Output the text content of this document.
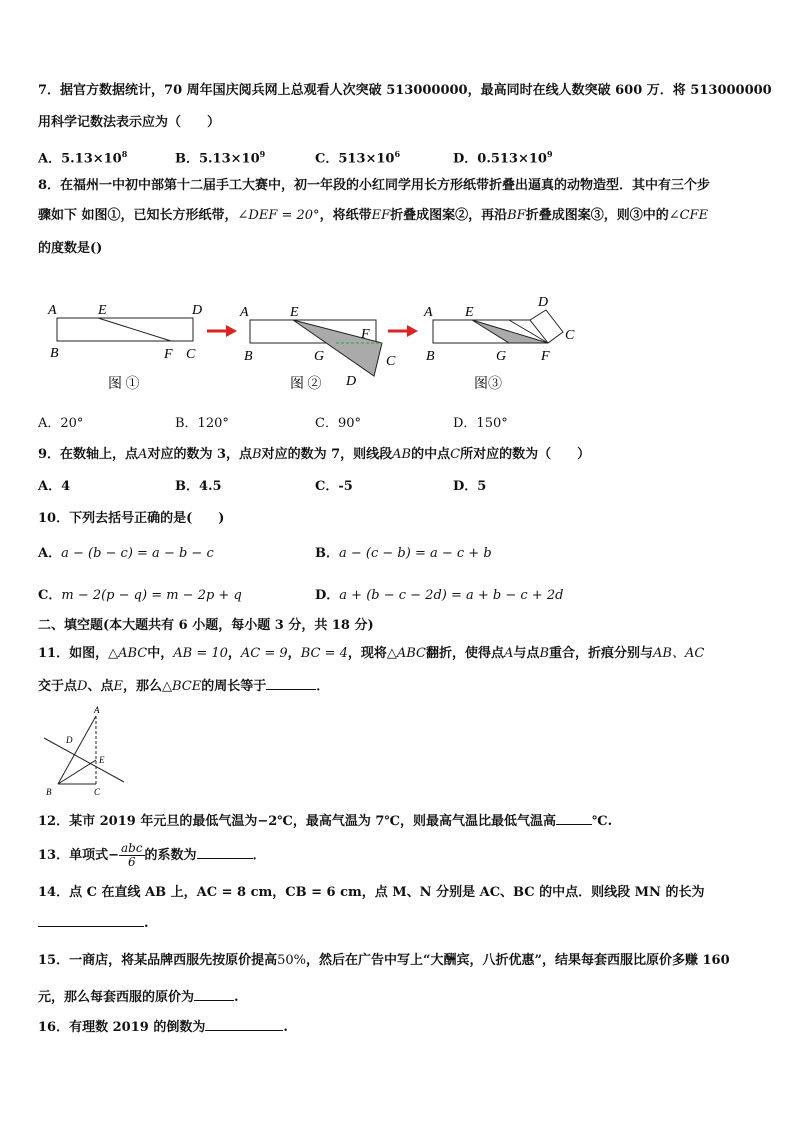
7．据官方数据统计，70 周年国庆阅兵网上总观看人次突破 513000000，最高同时在线人数突破 600 万．将 513000000
用科学记数法表示应为（　　）
A．$5.13\times 10^8$	B．$5.13\times 10^9$	C．$513\times 10^6$	D．$0.513\times 10^9$
8．在福州一中初中部第十二届手工大赛中，初一年段的小红同学用长方形纸带折叠出逼真的动物造型．其中有三个步
骤如下 如图①，已知长方形纸带，∠DEF = 20°，将纸带EF折叠成图案②，再沿BF折叠成图案③，则③中的∠CFE
的度数是()
A	E	D
B	F C
图 ①
A	E
F
B	G	C
D
图 ②
A E
D
C
B	G F
图③
A．20°	B．120°	C．90°	D．150°
9．在数轴上，点A对应的数为 3，点B对应的数为 7，则线段AB的中点C所对应的数为（　　）
A．4	B．4.5	C．-5	D．5
10．下列去括号正确的是(　　)
A．a − (b − c) = a − b − c	B．a − (c − b) = a − c + b
C．m − 2(p − q) = m − 2p + q	D．a + (b − c − 2d) = a + b − c + 2d
二、填空题(本大题共有 6 小题，每小题 3 分，共 18 分)
11．如图，△ABC中，AB = 10，AC = 9，BC = 4，现将△ABC翻折，使得点A与点B重合，折痕分别与AB、AC
交于点D、点E，那么△BCE的周长等于	．
A
D
E
B	C
12．某市 2019 年元旦的最低气温为−2℃，最高气温为 7℃，则最高气温比最低气温高	℃.
13．单项式− $\frac{\text{abc}}{6}$ 的系数为	．
14．点 C 在直线 AB 上，AC = 8 cm，CB = 6 cm，点 M、N 分别是 AC、BC 的中点．则线段 MN 的长为
.
15．一商店，将某品牌西服先按原价提高50%，然后在广告中写上“大酬宾，八折优惠”，结果每套西服比原价多赚 160
元，那么每套西服的原价为	.
16．有理数 2019 的倒数为	.
